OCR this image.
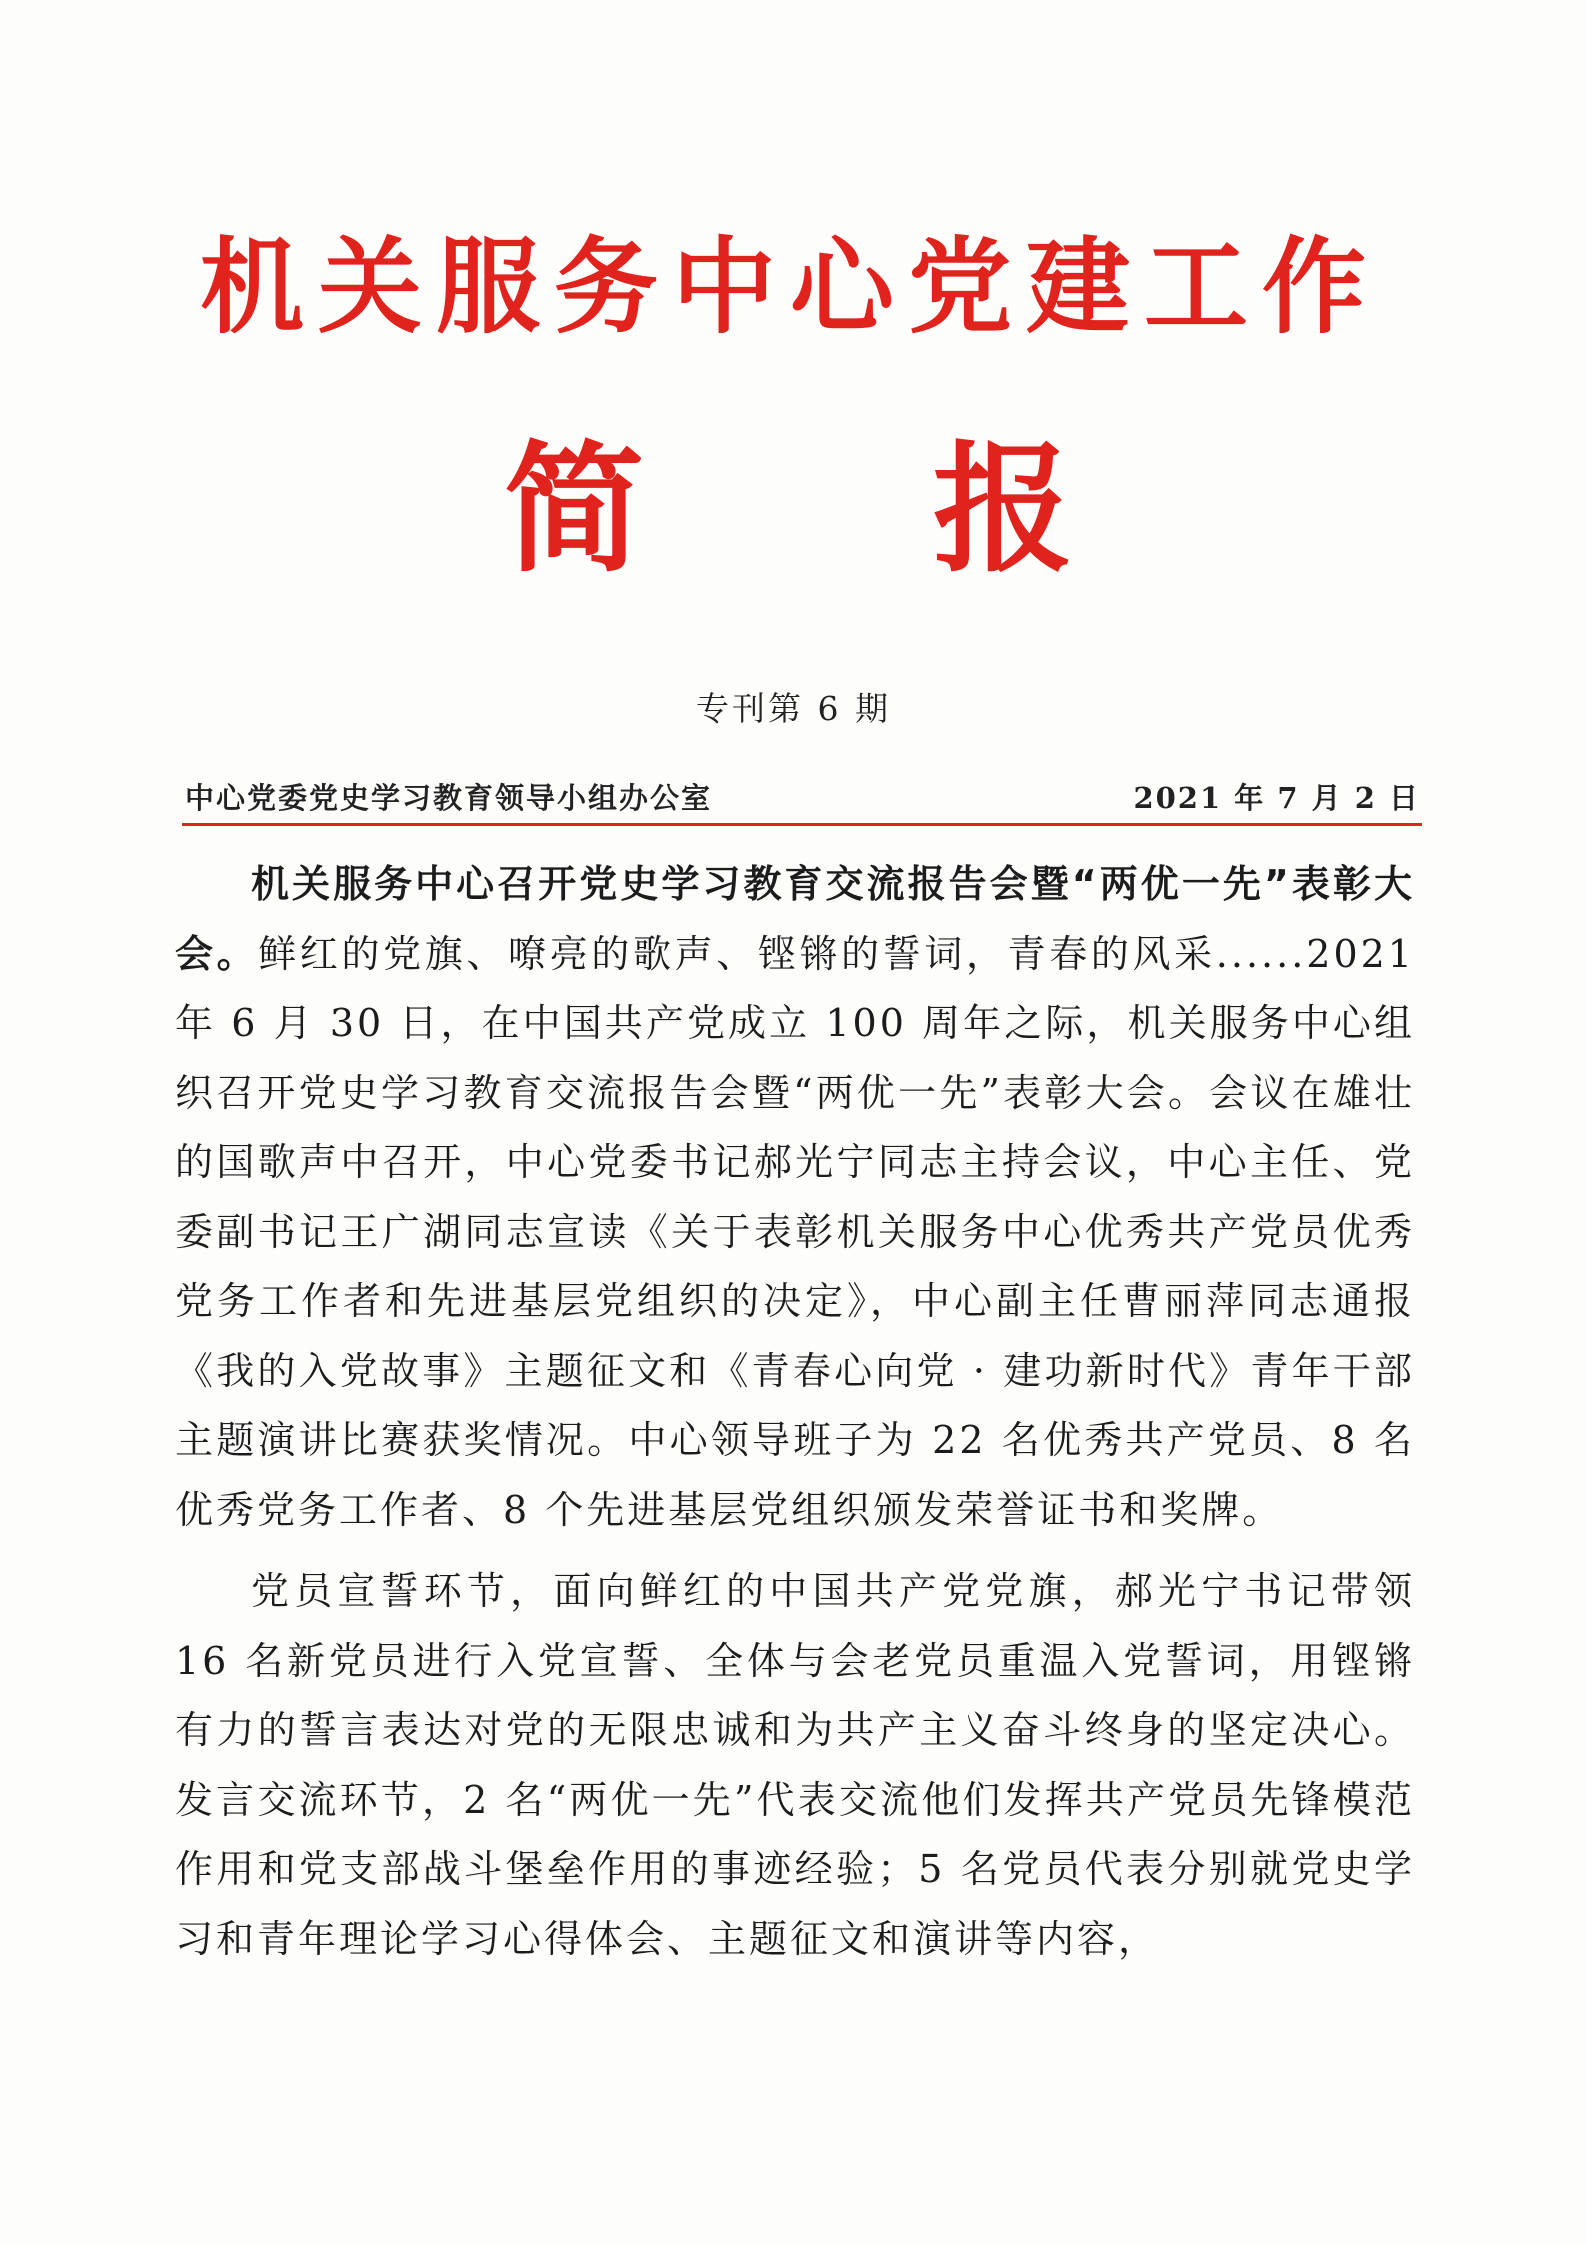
机关服务中心党建工作
简 报
专刊第 6 期
中心党委党史学习教育领导小组办公室	2021 年 7 月 2 日

机关服务中心召开党史学习教育交流报告会暨“两优一先”表彰大会。鲜红的党旗、嘹亮的歌声、铿锵的誓词，青春的风采......2021 年 6 月 30 日，在中国共产党成立 100 周年之际，机关服务中心组织召开党史学习教育交流报告会暨“两优一先”表彰大会。会议在雄壮的国歌声中召开，中心党委书记郝光宁同志主持会议，中心主任、党委副书记王广湖同志宣读《关于表彰机关服务中心优秀共产党员优秀党务工作者和先进基层党组织的决定》，中心副主任曹丽萍同志通报《我的入党故事》主题征文和《青春心向党 · 建功新时代》青年干部主题演讲比赛获奖情况。中心领导班子为 22 名优秀共产党员、8 名优秀党务工作者、8 个先进基层党组织颁发荣誉证书和奖牌。

党员宣誓环节，面向鲜红的中国共产党党旗，郝光宁书记带领 16 名新党员进行入党宣誓、全体与会老党员重温入党誓词，用铿锵有力的誓言表达对党的无限忠诚和为共产主义奋斗终身的坚定决心。发言交流环节，2 名“两优一先”代表交流他们发挥共产党员先锋模范作用和党支部战斗堡垒作用的事迹经验；5 名党员代表分别就党史学习和青年理论学习心得体会、主题征文和演讲等内容，
